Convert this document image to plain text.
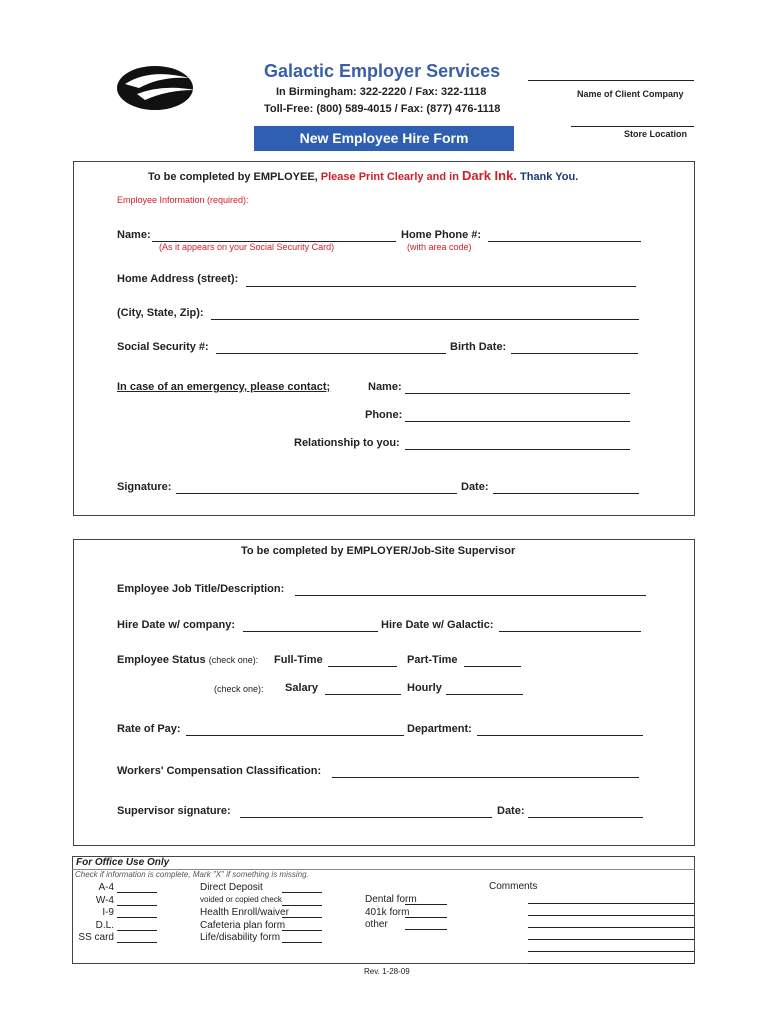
Galactic Employer Services
In Birmingham: 322-2220 / Fax: 322-1118
Toll-Free: (800) 589-4015 / Fax: (877) 476-1118
New Employee Hire Form
Name of Client Company
Store Location
To be completed by EMPLOYEE, Please Print Clearly and in Dark Ink. Thank You.
Employee Information (required):
Name:
(As it appears on your Social Security Card)
Home Phone #:
(with area code)
Home Address (street):
(City, State, Zip):
Social Security #:	Birth Date:
In case of an emergency, please contact;	Name:
Phone:
Relationship to you:
Signature:	Date:
To be completed by EMPLOYER/Job-Site Supervisor
Employee Job Title/Description:
Hire Date w/ company:	Hire Date w/ Galactic:
Employee Status (check one): Full-Time	Part-Time
(check one): Salary	Hourly
Rate of Pay:	Department:
Workers' Compensation Classification:
Supervisor signature:	Date:
For Office Use Only
Check if information is complete, Mark "X" if something is missing.
A-4
W-4
I-9
D.L.
SS card
Direct Deposit
voided or copied check
Health Enroll/waiver
Cafeteria plan form
Life/disability form
Dental form
401k form
other
Comments
Rev. 1-28-09
